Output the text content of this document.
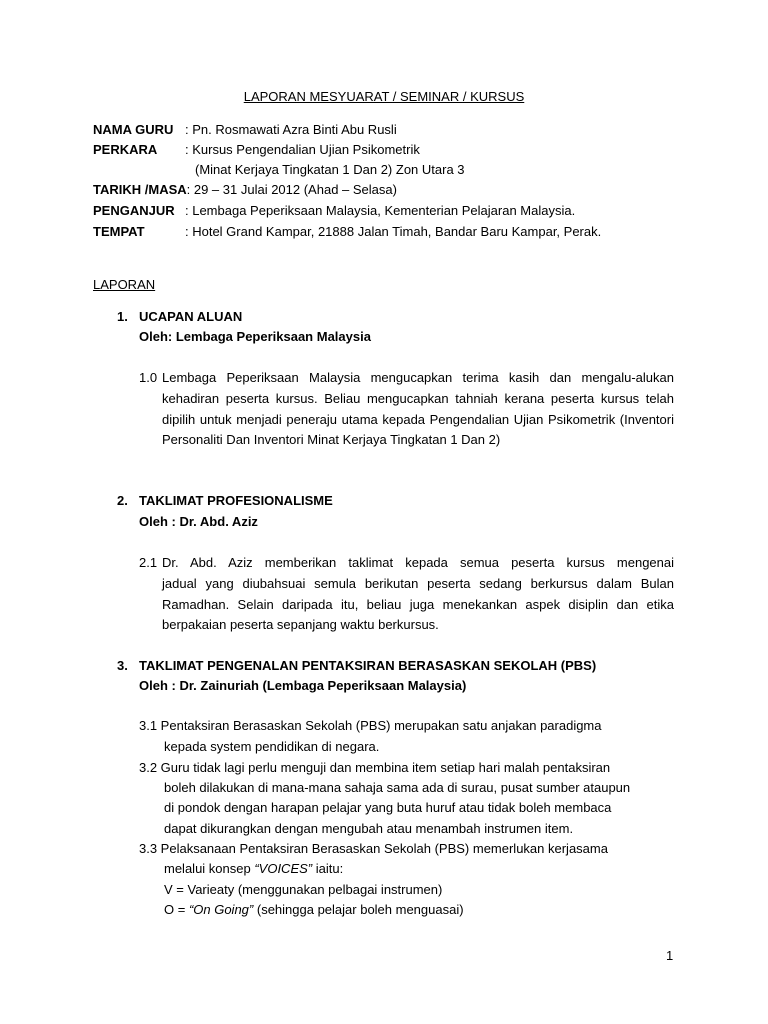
LAPORAN MESYUARAT / SEMINAR / KURSUS
NAMA GURU : Pn. Rosmawati Azra Binti Abu Rusli
PERKARA : Kursus Pengendalian Ujian Psikometrik
(Minat Kerjaya Tingkatan 1 Dan 2) Zon Utara 3
TARIKH /MASA: 29 – 31 Julai 2012 (Ahad – Selasa)
PENGANJUR : Lembaga Peperiksaan Malaysia, Kementerian Pelajaran Malaysia.
TEMPAT	: Hotel Grand Kampar, 21888 Jalan Timah, Bandar Baru Kampar, Perak.
LAPORAN
1. UCAPAN ALUAN
Oleh: Lembaga Peperiksaan Malaysia
1.0 Lembaga Peperiksaan Malaysia mengucapkan terima kasih dan mengalu-alukan
kehadiran peserta kursus. Beliau mengucapkan tahniah kerana peserta kursus telah dipilih untuk menjadi peneraju utama kepada Pengendalian Ujian Psikometrik (Inventori Personaliti Dan Inventori Minat Kerjaya Tingkatan 1 Dan 2)
2. TAKLIMAT PROFESIONALISME
Oleh : Dr. Abd. Aziz
2.1 Dr. Abd. Aziz memberikan taklimat kepada semua peserta kursus mengenai
jadual yang diubahsuai semula berikutan peserta sedang berkursus dalam Bulan Ramadhan. Selain daripada itu, beliau juga menekankan aspek disiplin dan etika berpakaian peserta sepanjang waktu berkursus.
3. TAKLIMAT PENGENALAN PENTAKSIRAN BERASASKAN SEKOLAH (PBS)
Oleh : Dr. Zainuriah (Lembaga Peperiksaan Malaysia)
3.1 Pentaksiran Berasaskan Sekolah (PBS) merupakan satu anjakan paradigma
kepada system pendidikan di negara.
3.2 Guru tidak lagi perlu menguji dan membina item setiap hari malah pentaksiran
boleh dilakukan di mana-mana sahaja sama ada di surau, pusat sumber ataupun
di pondok dengan harapan pelajar yang buta huruf atau tidak boleh membaca
dapat dikurangkan dengan mengubah atau menambah instrumen item.
3.3 Pelaksanaan Pentaksiran Berasaskan Sekolah (PBS) memerlukan kerjasama
melalui konsep “VOICES” iaitu:
V = Varieaty (menggunakan pelbagai instrumen)
O = “On Going” (sehingga pelajar boleh menguasai)
1
